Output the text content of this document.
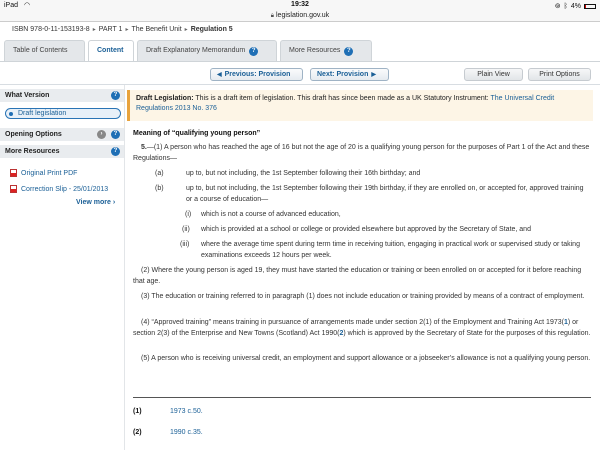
iPad ◠	19:32	⊚ ᛒ 4%
🔒︎ legislation.gov.uk
ISBN 978-0-11-153193-8 ▸ PART 1 ▸ The Benefit Unit ▸ Regulation 5
Table of Contents	Content	Draft Explanatory Memorandum	?	More Resources	?
◀ Previous: Provision	Next: Provision ▶	Plain View	Print Options
What Version	?
Draft legislation
Opening Options	›	?
More Resources	?
Original Print PDF
Correction Slip - 25/01/2013
View more ›
Draft Legislation: This is a draft item of legislation. This draft has since been made as a UK Statutory Instrument: The Universal Credit Regulations 2013 No. 376
Meaning of “qualifying young person”
5.—(1) A person who has reached the age of 16 but not the age of 20 is a qualifying young person for the purposes of Part 1 of the Act and these Regulations—
(a)	up to, but not including, the 1st September following their 16th birthday; and
(b)	up to, but not including, the 1st September following their 19th birthday, if they are enrolled on, or accepted for, approved training or a course of education—
(i)	which is not a course of advanced education,
(ii)	which is provided at a school or college or provided elsewhere but approved by the Secretary of State, and
(iii)	where the average time spent during term time in receiving tuition, engaging in practical work or supervised study or taking examinations exceeds 12 hours per week.
(2) Where the young person is aged 19, they must have started the education or training or been enrolled on or accepted for it before reaching that age.
(3) The education or training referred to in paragraph (1) does not include education or training provided by means of a contract of employment.
(4) “Approved training” means training in pursuance of arrangements made under section 2(1) of the Employment and Training Act 1973(1) or section 2(3) of the Enterprise and New Towns (Scotland) Act 1990(2) which is approved by the Secretary of State for the purposes of this regulation.
(5) A person who is receiving universal credit, an employment and support allowance or a jobseeker’s allowance is not a qualifying young person.
(1)	1973 c.50.
(2)	1990 c.35.
